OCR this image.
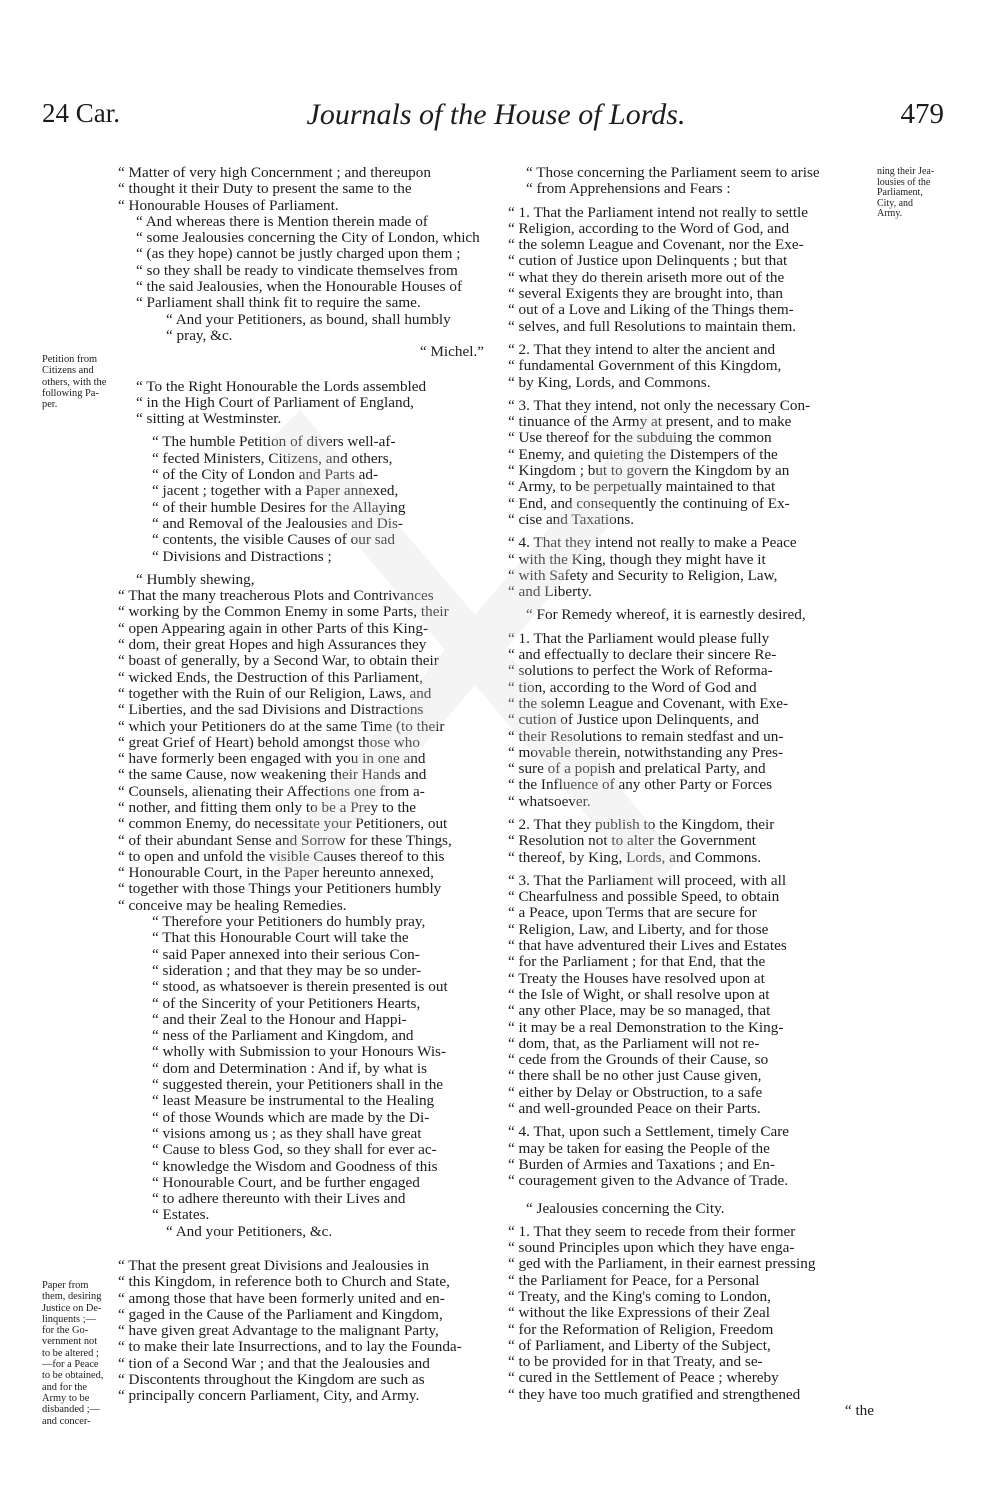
24 Car.	Journals of the House of Lords.	479
Petition from
Citizens and
others, with the
following Pa-
per.
Paper from
them, desiring
Justice on De-
linquents ;—
for the Go-
vernment not
to be altered ;
—for a Peace
to be obtained,
and for the
Army to be
disbanded ;—
and concer-
ning their Jea-
lousies of the
Parliament,
City, and
Army.

“ Matter of very high Concernment ; and thereupon
“ thought it their Duty to present the same to the
“ Honourable Houses of Parliament.

“ And whereas there is Mention therein made of
“ some Jealousies concerning the City of London, which
“ (as they hope) cannot be justly charged upon them ;
“ so they shall be ready to vindicate themselves from
“ the said Jealousies, when the Honourable Houses of
“ Parliament shall think fit to require the same.

“ And your Petitioners, as bound, shall humbly
“ pray, &c.

“ Michel.”

“ To the Right Honourable the Lords assembled
“ in the High Court of Parliament of England,
“ sitting at Westminster.

“ The humble Petition of divers well-af-
“ fected Ministers, Citizens, and others,
“ of the City of London and Parts ad-
“ jacent ; together with a Paper annexed,
“ of their humble Desires for the Allaying
“ and Removal of the Jealousies and Dis-
“ contents, the visible Causes of our sad
“ Divisions and Distractions ;

“ Humbly shewing,

“ That the many treacherous Plots and Contrivances
“ working by the Common Enemy in some Parts, their
“ open Appearing again in other Parts of this King-
“ dom, their great Hopes and high Assurances they
“ boast of generally, by a Second War, to obtain their
“ wicked Ends, the Destruction of this Parliament,
“ together with the Ruin of our Religion, Laws, and
“ Liberties, and the sad Divisions and Distractions
“ which your Petitioners do at the same Time (to their
“ great Grief of Heart) behold amongst those who
“ have formerly been engaged with you in one and
“ the same Cause, now weakening their Hands and
“ Counsels, alienating their Affections one from a-
“ nother, and fitting them only to be a Prey to the
“ common Enemy, do necessitate your Petitioners, out
“ of their abundant Sense and Sorrow for these Things,
“ to open and unfold the visible Causes thereof to this
“ Honourable Court, in the Paper hereunto annexed,
“ together with those Things your Petitioners humbly
“ conceive may be healing Remedies.

“ Therefore your Petitioners do humbly pray,
“ That this Honourable Court will take the
“ said Paper annexed into their serious Con-
“ sideration ; and that they may be so under-
“ stood, as whatsoever is therein presented is out
“ of the Sincerity of your Petitioners Hearts,
“ and their Zeal to the Honour and Happi-
“ ness of the Parliament and Kingdom, and
“ wholly with Submission to your Honours Wis-
“ dom and Determination : And if, by what is
“ suggested therein, your Petitioners shall in the
“ least Measure be instrumental to the Healing
“ of those Wounds which are made by the Di-
“ visions among us ; as they shall have great
“ Cause to bless God, so they shall for ever ac-
“ knowledge the Wisdom and Goodness of this
“ Honourable Court, and be further engaged
“ to adhere thereunto with their Lives and
“ Estates.

“ And your Petitioners, &c.

“ That the present great Divisions and Jealousies in
“ this Kingdom, in reference both to Church and State,
“ among those that have been formerly united and en-
“ gaged in the Cause of the Parliament and Kingdom,
“ have given great Advantage to the malignant Party,
“ to make their late Insurrections, and to lay the Founda-
“ tion of a Second War ; and that the Jealousies and
“ Discontents throughout the Kingdom are such as
“ principally concern Parliament, City, and Army.

“ Those concerning the Parliament seem to arise
“ from Apprehensions and Fears :

“ 1. That the Parliament intend not really to settle
“ Religion, according to the Word of God, and
“ the solemn League and Covenant, nor the Exe-
“ cution of Justice upon Delinquents ; but that
“ what they do therein ariseth more out of the
“ several Exigents they are brought into, than
“ out of a Love and Liking of the Things them-
“ selves, and full Resolutions to maintain them.

“ 2. That they intend to alter the ancient and
“ fundamental Government of this Kingdom,
“ by King, Lords, and Commons.

“ 3. That they intend, not only the necessary Con-
“ tinuance of the Army at present, and to make
“ Use thereof for the subduing the common
“ Enemy, and quieting the Distempers of the
“ Kingdom ; but to govern the Kingdom by an
“ Army, to be perpetually maintained to that
“ End, and consequently the continuing of Ex-
“ cise and Taxations.

“ 4. That they intend not really to make a Peace
“ with the King, though they might have it
“ with Safety and Security to Religion, Law,
“ and Liberty.

“ For Remedy whereof, it is earnestly desired,

“ 1. That the Parliament would please fully
“ and effectually to declare their sincere Re-
“ solutions to perfect the Work of Reforma-
“ tion, according to the Word of God and
“ the solemn League and Covenant, with Exe-
“ cution of Justice upon Delinquents, and
“ their Resolutions to remain stedfast and un-
“ movable therein, notwithstanding any Pres-
“ sure of a popish and prelatical Party, and
“ the Influence of any other Party or Forces
“ whatsoever.

“ 2. That they publish to the Kingdom, their
“ Resolution not to alter the Government
“ thereof, by King, Lords, and Commons.

“ 3. That the Parliament will proceed, with all
“ Chearfulness and possible Speed, to obtain
“ a Peace, upon Terms that are secure for
“ Religion, Law, and Liberty, and for those
“ that have adventured their Lives and Estates
“ for the Parliament ; for that End, that the
“ Treaty the Houses have resolved upon at
“ the Isle of Wight, or shall resolve upon at
“ any other Place, may be so managed, that
“ it may be a real Demonstration to the King-
“ dom, that, as the Parliament will not re-
“ cede from the Grounds of their Cause, so
“ there shall be no other just Cause given,
“ either by Delay or Obstruction, to a safe
“ and well-grounded Peace on their Parts.

“ 4. That, upon such a Settlement, timely Care
“ may be taken for easing the People of the
“ Burden of Armies and Taxations ; and En-
“ couragement given to the Advance of Trade.

“ Jealousies concerning the City.

“ 1. That they seem to recede from their former
“ sound Principles upon which they have enga-
“ ged with the Parliament, in their earnest pressing
“ the Parliament for Peace, for a Personal
“ Treaty, and the King's coming to London,
“ without the like Expressions of their Zeal
“ for the Reformation of Religion, Freedom
“ of Parliament, and Liberty of the Subject,
“ to be provided for in that Treaty, and se-
“ cured in the Settlement of Peace ; whereby
“ they have too much gratified and strengthened

“ the
